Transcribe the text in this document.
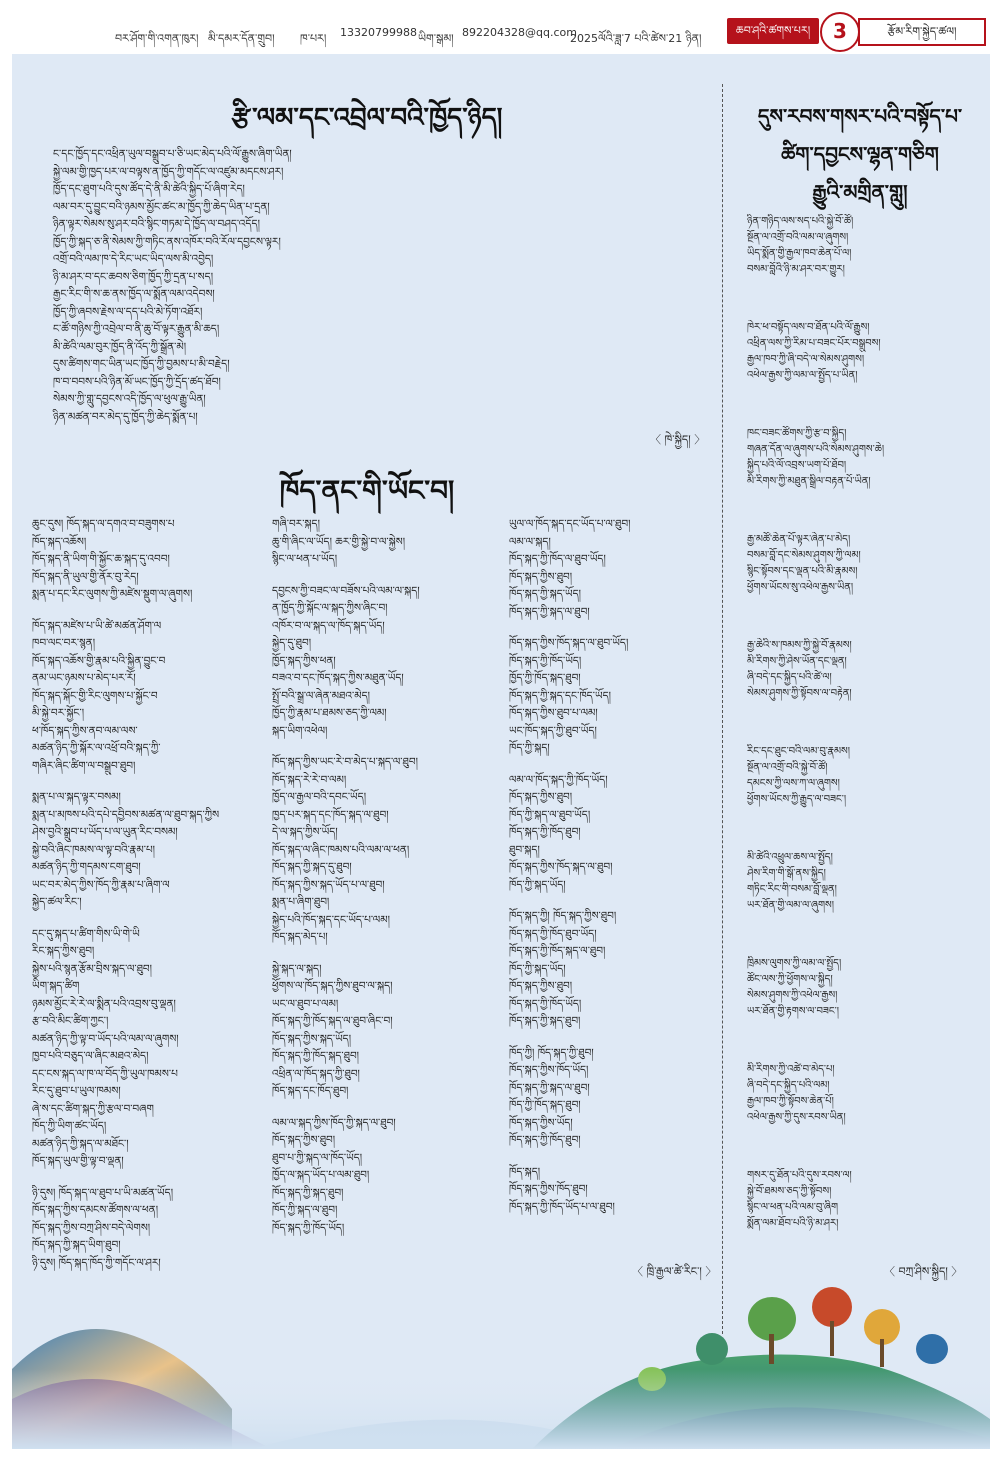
བར་ཤོག་གི་འགན་ཁུར། མི་དམར་དོན་གྲུབ། ཁ་པར། 13320799988 ཡིག་སྒམ། 892204328@qq.com
2025ལོའི་ཟླ་7 པའི་ཚེས་21 ཉིན།
ཆབ་ཤའི་ཚགས་པར།	3	རྩོམ་རིག་སྐྱེད་ཚལ།
རྩི་ལམ་དང་འབྲེལ་བའི་ཁྱོད་ཉིད།

ང་དང་ཁྱོད་དང་འཕྲིན་ཡུལ་བསྒྲུབ་པ་ཅི་ཡང་མེད་པའི་ལོ་རྒྱུས་ཞིག་ཡིན།

སྐྱེ་ལམ་གྱི་ཁྱད་པར་ལ་བལྟས་ན་ཁྱོད་ཀྱི་གདོང་ལ་འཛུམ་མདངས་ཤར།

ཁྱོད་དང་ཐུག་པའི་དུས་ཚོད་དེ་ནི་མི་ཚེའི་སྐྱིད་པོ་ཞིག་རེད།

ལམ་བར་དུ་བྱུང་བའི་ཉམས་མྱོང་ཚང་མ་ཁྱོད་ཀྱི་ཆེད་ཡིན་པ་དྲན།

ཉིན་ལྟར་སེམས་སུ་ཤར་བའི་སྙིང་གཏམ་དེ་ཁྱོད་ལ་བཤད་འདོད།

ཁྱོད་ཀྱི་སྐད་ཅ་ནི་སེམས་ཀྱི་གཏིང་ནས་འཁོར་བའི་རོལ་དབྱངས་ལྟར།

འགྲོ་བའི་ལམ་ཁ་དེ་རིང་ཡང་ཡིད་ལས་མི་འབྱེད།

ཉི་མ་ཤར་བ་དང་ཆབས་ཅིག་ཁྱོད་ཀྱི་དྲན་པ་སད།

རྒྱང་རིང་གི་ས་ཆ་ནས་ཁྱོད་ལ་སྨོན་ལམ་འདེབས།

ཁྱོད་ཀྱི་ཞབས་རྗེས་ལ་དད་པའི་མེ་ཏོག་འཐོར།

ང་ཚོ་གཉིས་ཀྱི་འབྲེལ་བ་ནི་ཆུ་བོ་ལྟར་རྒྱུན་མི་ཆད།

མི་ཚེའི་ལམ་བུར་ཁྱོད་ནི་འོད་ཀྱི་སྒྲོན་མེ།

དུས་ཚིགས་གང་ཡིན་ཡང་ཁྱོད་ཀྱི་བྱམས་པ་མི་བརྗེད།

ཁ་བ་བབས་པའི་ཉིན་མོ་ཡང་ཁྱོད་ཀྱི་དྲོད་ཚད་ཐོབ།

སེམས་ཀྱི་གླུ་དབྱངས་འདི་ཁྱོད་ལ་ཕུལ་རྒྱུ་ཡིན།

ཉིན་མཚན་བར་མེད་དུ་ཁྱོད་ཀྱི་ཆེད་སྨོན་པ།

〈 ཁེ་སྐྱིད། 〉
ཁོད་ནང་གི་ཡོང་བ།

ཆུང་དུས། ཁོད་སྐད་ལ་དགའ་བ་བཟུགས་པ

ཁོད་སྐད་འཆོས།

ཁོད་སྐད་ནི་ཡིག་གི་སྐྱོང་ཆ་སྐད་དུ་འབབ།

ཁོད་སྐད་ནི་ཡུལ་གྱི་ནོར་བུ་རེད།

སྨན་པ་དང་རིང་ལུགས་ཀྱི་མཛེས་སྡུག་ལ་ཞུགས།

ཁོད་སྐད་མཛེས་པ་ཡི་ཚེ་མཚན་ཤོག་ལ

ཁབ་ལང་བར་སྙན།

ཁོད་སྐད་འཆོས་གྱི་རྣམ་པའི་སྐྱིན་བྱུང་བ

ནམ་ཡང་ཉམས་པ་མེད་པར་རོ།

ཁོད་སྐད་སྐོང་གྱི་རིང་ལུགས་པ་སྐྱོང་བ

མི་སྐྱེ་བར་སྐྱོང་།

ཕ་ཁོད་སྐད་ཀྱིས་ནབ་ལམ་ལས་

མཚན་ཉིད་ཀྱི་སྐོར་ལ་འཕྲོ་བའི་སྐད་ཀྱི་

གཞིར་ཞིང་ཚིག་ལ་བསྒྲུབ་ཐུབ།

སྨན་པ་ལ་སྐད་ལྟར་བསམ།

སྨན་པ་མཁས་པའི་དཔེ་དབྱིབས་མཚན་ལ་ཐུབ་སྐད་ཀྱིས

ཤེས་བྱའི་སྒྲུབ་པ་ཡོད་པ་ལ་ཡུན་རིང་བསམ།

སྐྱེ་བའི་ཞིང་ཁམས་ལ་ལྟ་བའི་རྣམ་པ།

མཚན་ཉིད་ཀྱི་གདམས་ངག་ཐུབ།

ཡང་བར་མེད་ཀྱིས་ཁོད་ཀྱི་རྣམ་པ་ཞིག་ལ

སྐྱེད་ཚལ་རིང་།

དང་དུ་སྐད་པ་ཚིག་གིས་ཡི་གེ་ཡི

རིང་སྐད་ཀྱིས་ཐུབ།

སྐྱེས་པའི་སྙན་རྩོམ་བྲིས་སྐད་ལ་ཐུབ།

ཡིག་སྐད་ཚིག

ཉམས་མྱོང་རེ་རེ་ལ་སྨིན་པའི་འབྲས་བུ་ལྡན།

རྩ་བའི་མིང་ཚིག་ཀྱང་།

མཚན་ཉིད་ཀྱི་ལྟ་བ་ཡོད་པའི་ལམ་ལ་ཞུགས།

ཁྱབ་པའི་བཅུད་ལ་ཞིང་མཐའ་མེད།

དང་ངས་སྐད་ལ་ཁ་ལ་བོད་ཀྱི་ཡུལ་ཁམས་པ

རིང་དུ་ཐུབ་པ་ཡུལ་ཁམས།

ཞེ་ས་དང་ཚིག་སྐད་ཀྱི་རྩལ་བ་བཞག

ཁོད་ཀྱི་ཡིག་ཚང་ཡོད།

མཚན་ཉིད་ཀྱི་སྐད་ལ་མཐོང་།

ཁོད་སྐད་ཡུལ་གྱི་ལྟ་བ་ལྡན།

ཉི་དུས། ཁོད་སྐད་ལ་ཐུབ་པ་ཡི་མཚན་ཡོད།

ཁོད་སྐད་ཀྱིས་དམངས་ཚོགས་ལ་ཕན།

ཁོད་སྐད་ཀྱིས་བཀྲ་ཤིས་བདེ་ལེགས།

ཁོད་སྐད་ཀྱི་སྐད་ཡིག་ཐུབ།

ཉི་དུས། ཁོད་སྐད་ཁོད་ཀྱི་གདོང་ལ་ཤར།

གཞི་བར་སྐད།

ཆུ་གི་ཞིང་ལ་ཡོད། ཆར་གྱི་སྐྱེ་བ་ལ་སྐྱེས།

སྙིང་ལ་ཕན་པ་ཡོད།

དབྱངས་ཀྱི་བཟང་ལ་བཟོས་པའི་ལམ་ལ་སྐད།

ན་ཁྱོད་ཀྱི་སྐོང་ལ་སྐད་ཀྱིས་ཞིང་བ།

འཁོར་བ་ལ་སྐད་ལ་ཁོད་སྐད་ཡོད།

སྐྱེད་དུ་ཐུབ།

ཁྱོད་སྐད་ཀྱིས་ཕན།

བཟའ་བ་དང་ཁོད་སྐད་ཀྱིས་མཐུན་ཡོད།

སྤྲོ་བའི་སྒྲ་ལ་ཞེན་མཐའ་མེད།

ཁྱོད་ཀྱི་རྣམ་པ་ཐམས་ཅད་ཀྱི་ལམ།

སྐད་ཡིག་འཕེལ།

ཁོད་སྐད་ཀྱིས་ཡང་རེ་བ་མེད་པ་སྐད་ལ་ཐུབ།

ཁོད་སྐད་རེ་རེ་བ་ལམ།

ཁྱོད་ལ་རྒྱལ་བའི་དབང་ཡོད།

ཁྱད་པར་སྐད་དང་ཁོད་སྐད་ལ་ཐུབ།

དེ་ལ་སྐད་ཀྱིས་ཡོད།

ཁོད་སྐད་ལ་ཞིང་ཁམས་པའི་ལམ་ལ་ཕན།

ཁོད་སྐད་ཀྱི་སྐད་དུ་ཐུབ།

ཁོད་སྐད་ཀྱིས་སྐད་ཡོད་པ་ལ་ཐུབ།

སྨན་པ་ཞིག་ཐུབ།

སྐྱེད་པའི་ཁོད་སྐད་དང་ཡོད་པ་ལམ།

ཁོད་སྐད་མེད་པ།

སྐྱེ་སྐད་ལ་སྐད།

ཕྱོགས་ལ་ཁོད་སྐད་ཀྱིས་ཐུབ་ལ་སྐད།

ཡང་ལ་ཐུབ་པ་ལམ།

ཁོད་སྐད་ཀྱི་ཁོད་སྐད་ལ་ཐུབ་ཞིང་བ།

ཁོད་སྐད་ཀྱིས་སྐད་ཡོད།

ཁོད་སྐད་ཀྱི་ཁོད་སྐད་ཐུབ།

འཕྲིན་ལ་ཁོད་སྐད་ཀྱི་ཐུབ།

ཁོད་སྐད་དང་ཁོད་ཐུབ།

ལམ་ལ་སྐད་ཀྱིས་ཁོད་ཀྱི་སྐད་ལ་ཐུབ།

ཁོད་སྐད་ཀྱིས་ཐུབ།

ཐུབ་པ་ཀྱི་སྐད་ལ་ཁོད་ཡོད།

ཁྱོད་ལ་སྐད་ཡོད་པ་ལམ་ཐུབ།

ཁོད་སྐད་ཀྱི་སྐད་ཐུབ།

ཁོད་ཀྱི་སྐད་ལ་ཐུབ།

ཁོད་སྐད་ཀྱི་ཁོད་ཡོད།

ཡུལ་ལ་ཁོད་སྐད་དང་ཡོད་པ་ལ་ཐུབ།

ལམ་ལ་སྐད།

ཁོད་སྐད་ཀྱི་ཁོད་ལ་ཐུབ་ཡོད།

ཁོད་སྐད་ཀྱིས་ཐུབ།

ཁོད་སྐད་ཀྱི་སྐད་ཡོད།

ཁོད་སྐད་ཀྱི་སྐད་ལ་ཐུབ།

ཁོད་སྐད་ཀྱིས་ཁོད་སྐད་ལ་ཐུབ་ཡོད།

ཁོད་སྐད་ཀྱི་ཁོད་ཡོད།

ཁྱོད་ཀྱི་ཁོད་སྐད་ཐུབ།

ཁོད་སྐད་ཀྱི་སྐད་དང་ཁོད་ཡོད།

ཁོད་སྐད་ཀྱིས་ཐུབ་པ་ལམ།

ཡང་ཁོད་སྐད་ཀྱི་ཐུབ་ཡོད།

ཁོད་ཀྱི་སྐད།

ལམ་ལ་ཁོད་སྐད་ཀྱི་ཁོད་ཡོད།

ཁོད་སྐད་ཀྱིས་ཐུབ།

ཁོད་ཀྱི་སྐད་ལ་ཐུབ་ཡོད།

ཁོད་སྐད་ཀྱི་ཁོད་ཐུབ།

ཐུབ་སྐད།

ཁོད་སྐད་ཀྱིས་ཁོད་སྐད་ལ་ཐུབ།

ཁོད་ཀྱི་སྐད་ཡོད།

ཁོད་སྐད་ཀྱི། ཁོད་སྐད་ཀྱིས་ཐུབ།

ཁོད་སྐད་ཀྱི་ཁོད་ཐུབ་ཡོད།

ཁོད་སྐད་ཀྱི་ཁོད་སྐད་ལ་ཐུབ།

ཁོད་ཀྱི་སྐད་ཡོད།

ཁོད་སྐད་ཀྱིས་ཐུབ།

ཁོད་སྐད་ཀྱི་ཁོད་ཡོད།

ཁོད་སྐད་ཀྱི་སྐད་ཐུབ།

ཁོད་ཀྱི། ཁོད་སྐད་ཀྱི་ཐུབ།

ཁོད་སྐད་ཀྱིས་ཁོད་ཡོད།

ཁོད་སྐད་ཀྱི་སྐད་ལ་ཐུབ།

ཁོད་ཀྱི་ཁོད་སྐད་ཐུབ།

ཁོད་སྐད་ཀྱིས་ཡོད།

ཁོད་སྐད་ཀྱི་ཁོད་ཐུབ།

ཁོད་སྐད།

ཁོད་སྐད་ཀྱིས་ཁོད་ཐུབ།

ཁོད་སྐད་ཀྱི་ཁོད་ཡོད་པ་ལ་ཐུབ།

〈 ཁྲི་རྒྱལ་ཚེ་རིང་། 〉
དུས་རབས་གསར་པའི་བསྟོད་པ་
ཚིག་དབྱངས་ལྷན་གཅིག
རྒྱུའི་མགྲིན་གླུ།

ཉིན་གཉིད་ལས་སད་པའི་སྐྱེ་བོ་ཚོ།

སྔོན་ལ་འགྲོ་བའི་ལམ་ལ་ཞུགས།

ཡིད་སྨོན་གྱི་རྒྱལ་ཁབ་ཆེན་པོ་ལ།

བསམ་བློའི་ཉི་མ་ཤར་བར་གྱུར།

ཁེར་ཕ་བསྟོད་ལས་བ་ཐོན་པའི་ལོ་རྒྱུས།

འཕྲིན་ལས་ཀྱི་རིམ་པ་བཟང་པོར་བསྒྲུབས།

རྒྱལ་ཁབ་ཀྱི་ཞི་བདེ་ལ་སེམས་ཤུགས།

འཕེལ་རྒྱས་ཀྱི་ལམ་ལ་སྤྱོད་པ་ཡིན།

ཁང་བཟང་ཚོགས་ཀྱི་རྩ་བ་སྐྱིད།

གཞན་དོན་ལ་ཞུགས་པའི་སེམས་ཤུགས་ཆེ།

སྐྱིད་པའི་ལོ་འབྲས་ཡག་པོ་ཐོབ།

མི་རིགས་ཀྱི་མཐུན་སྒྲིལ་བརྟན་པོ་ཡིན།

རྒྱ་མཚོ་ཆེན་པོ་ལྟར་ཞེན་པ་མེད།

བསམ་བློ་དང་སེམས་ཤུགས་ཀྱི་ལམ།

སྙིང་སྟོབས་དང་ལྡན་པའི་མི་རྣམས།

ཕྱོགས་ཡོངས་སུ་འཕེལ་རྒྱས་ཡིན།

རྒྱ་ཆེའི་ས་ཁམས་ཀྱི་སྐྱེ་བོ་རྣམས།

མི་རིགས་ཀྱི་ཤེས་ཡོན་དང་ལྡན།

ཞི་བདེ་དང་སྐྱིད་པའི་ཚེ་ལ།

སེམས་ཤུགས་ཀྱི་སྟོབས་ལ་བརྟེན།

རིང་དང་ཐུང་བའི་ལམ་བུ་རྣམས།

སྔོན་ལ་འགྲོ་བའི་སྐྱེ་བོ་ཚོ།

དམངས་ཀྱི་ལས་ཀ་ལ་ཞུགས།

ཕྱོགས་ཡོངས་ཀྱི་རྒྱུད་ལ་བཟང་།

མི་ཚེའི་འཕྲུལ་ཆས་ལ་སྤྱོད།

ཤེས་རིག་གི་སྒོ་ནས་སྐྱིད།

གཏིང་རིང་གི་བསམ་བློ་ལྡན།

ཡར་ཐོན་གྱི་ལམ་ལ་ཞུགས།

ཁྲིམས་ལུགས་ཀྱི་ལམ་ལ་སྤྱོད།

ཚོང་ལས་ཀྱི་ཕྱོགས་ལ་སྐྱིད།

སེམས་ཤུགས་ཀྱི་འཕེལ་རྒྱས།

ཡར་ཐོན་གྱི་རྟགས་ལ་བཟང་།

མི་རིགས་ཀྱི་འཚེ་བ་མེད་པ།

ཞི་བདེ་དང་སྐྱིད་པའི་ལམ།

རྒྱལ་ཁབ་ཀྱི་སྟོབས་ཆེན་པོ།

འཕེལ་རྒྱས་ཀྱི་དུས་རབས་ཡིན།

གསར་དུ་ཐོན་པའི་དུས་རབས་ལ།

སྐྱེ་བོ་ཐམས་ཅད་ཀྱི་སྟོབས།

སྙིང་ལ་ཕན་པའི་ལམ་བུ་ཞིག

སྨོན་ལམ་ཐོབ་པའི་ཉི་མ་ཤར།

〈 བཀྲ་ཤིས་སྐྱིད། 〉
